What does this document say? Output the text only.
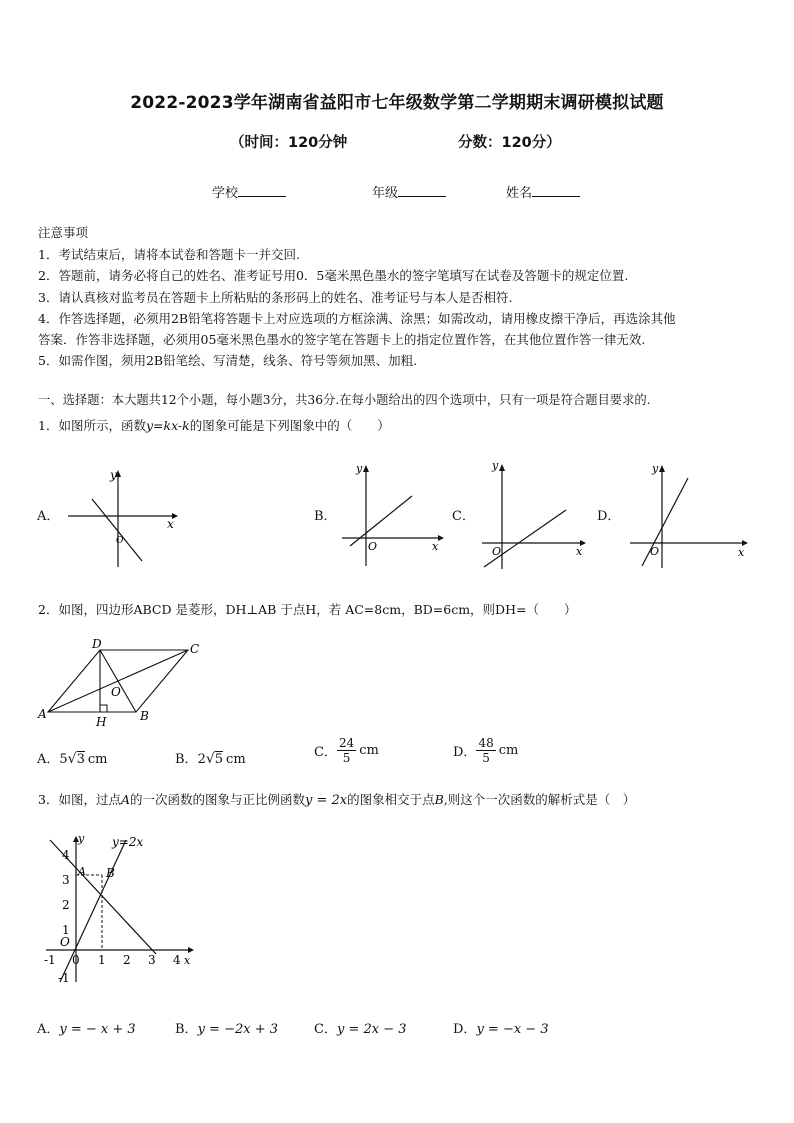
2022-2023学年湖南省益阳市七年级数学第二学期期末调研模拟试题
（时间：120分钟	分数：120分）
学校	年级	姓名
注意事项
1．考试结束后，请将本试卷和答题卡一并交回.
2．答题前，请务必将自己的姓名、准考证号用0．5毫米黑色墨水的签字笔填写在试卷及答题卡的规定位置.
3．请认真核对监考员在答题卡上所粘贴的条形码上的姓名、准考证号与本人是否相符.
4．作答选择题，必须用2B铅笔将答题卡上对应选项的方框涂满、涂黑；如需改动，请用橡皮擦干净后，再选涂其他
答案．作答非选择题，必须用05毫米黑色墨水的签字笔在答题卡上的指定位置作答，在其他位置作答一律无效.
5．如需作图，须用2B铅笔绘、写清楚，线条、符号等须加黑、加粗.
一、选择题：本大题共12个小题，每小题3分，共36分.在每小题给出的四个选项中，只有一项是符合题目要求的.
1．如图所示，函数y=kx-k的图象可能是下列图象中的（　　）
A．	x
y
O
B．
x
y
O
C．
x
y
O
D．
x
y
O
2．如图，四边形ABCD 是菱形，DH⊥AB 于点H，若 AC=8cm，BD=6cm，则DH=（　　）
A	B
C
D
H
O
A．5√3 cm	B．2√5 cm	C． $\frac{24}{5}$ cm	D． $\frac{48}{5}$ cm
3．如图，过点A的一次函数的图象与正比例函数y = 2x的图象相交于点B,则这个一次函数的解析式是（　）
y=2x
y
x
A B
O
4
3
2
1
-1
-1 0 1 2 3 4
A．y = − x + 3	B．y = −2x + 3	C．y = 2x − 3	D．y = −x − 3
